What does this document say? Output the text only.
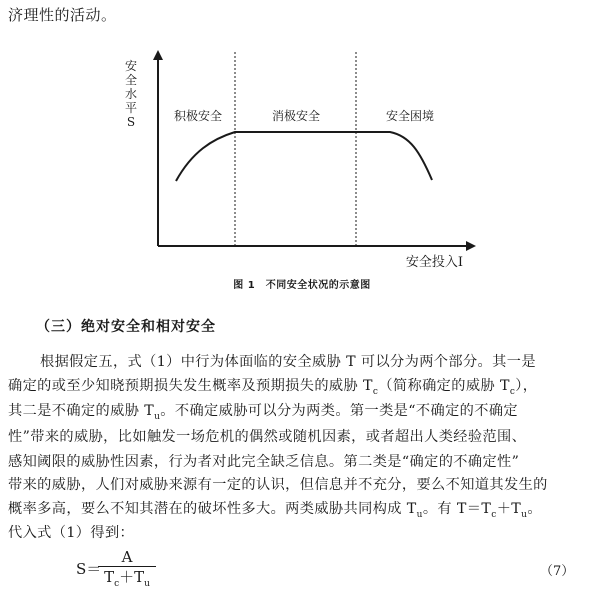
济理性的活动。
安
全
水
平
S	积极安全	消极安全	安全困境
安全投入I
图 1　不同安全状况的示意图
（三）绝对安全和相对安全
根据假定五，式（1）中行为体面临的安全威胁 T 可以分为两个部分。其一是
确定的或至少知晓预期损失发生概率及预期损失的威胁 $T_c$（简称确定的威胁 $T_c$），
其二是不确定的威胁 $T_u$。不确定威胁可以分为两类。第一类是“不确定的不确定
性”带来的威胁，比如触发一场危机的偶然或随机因素，或者超出人类经验范围、
感知阈限的威胁性因素，行为者对此完全缺乏信息。第二类是“确定的不确定性”
带来的威胁，人们对威胁来源有一定的认识，但信息并不充分，要么不知道其发生的
概率多高，要么不知其潜在的破坏性多大。两类威胁共同构成 $T_u$。有 $T=T_c+T_u$。
代入式（1）得到：
S＝
$\frac{A}{T_c+T_u}$	（7）
